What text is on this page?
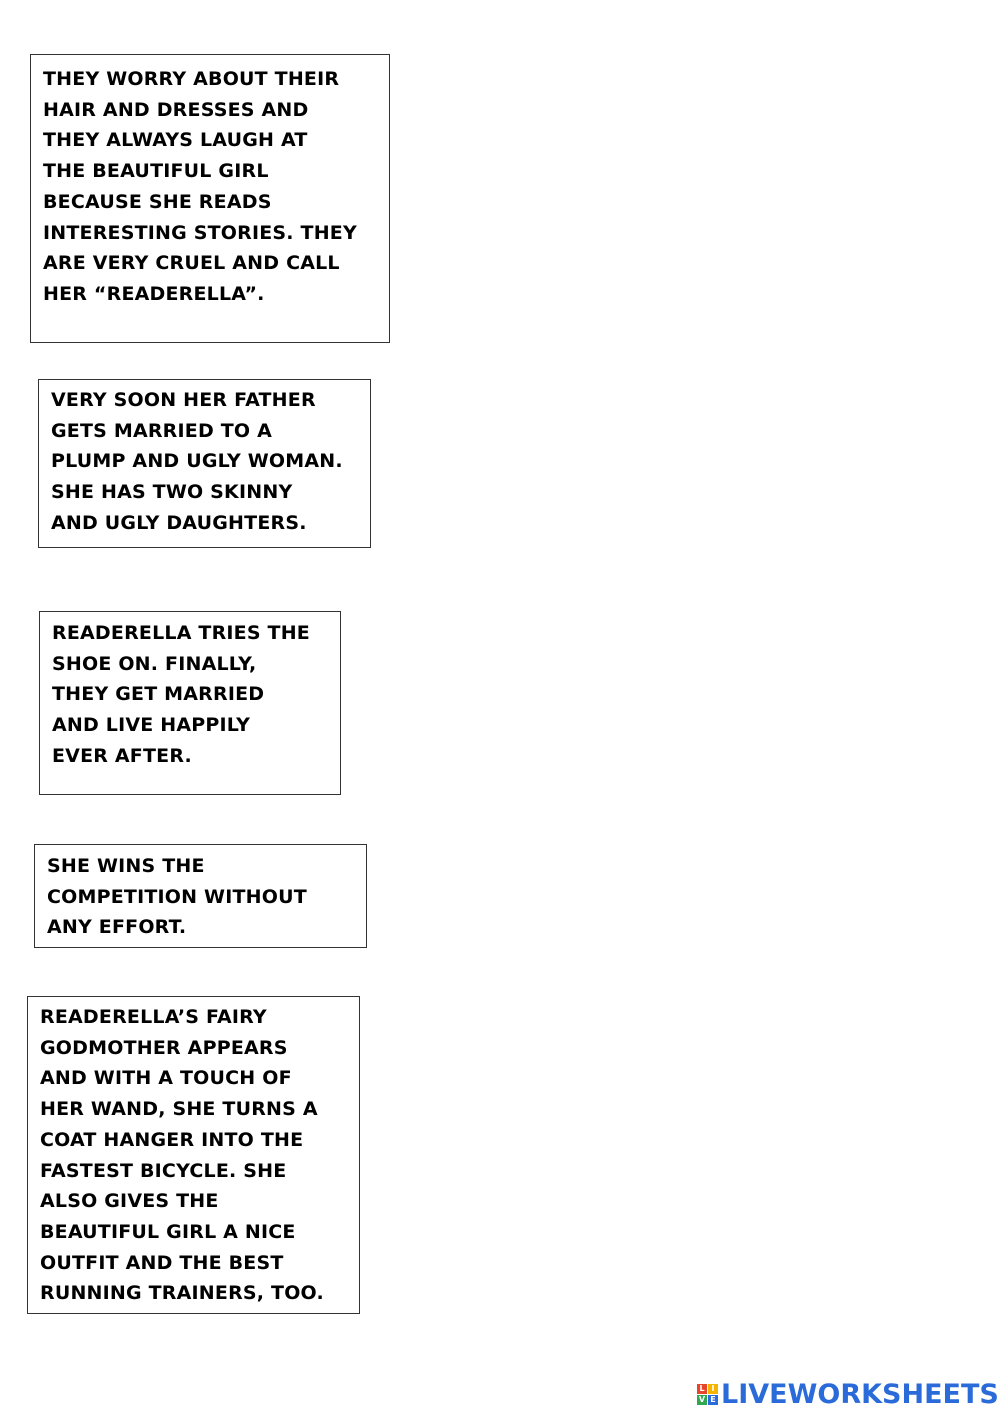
THEY WORRY ABOUT THEIR
HAIR AND DRESSES AND
THEY ALWAYS LAUGH AT
THE BEAUTIFUL GIRL
BECAUSE SHE READS
INTERESTING STORIES. THEY
ARE VERY CRUEL AND CALL
HER “READERELLA”.

VERY SOON HER FATHER
GETS MARRIED TO A
PLUMP AND UGLY WOMAN.
SHE HAS TWO SKINNY
AND UGLY DAUGHTERS.

READERELLA TRIES THE
SHOE ON. FINALLY,
THEY GET MARRIED
AND LIVE HAPPILY
EVER AFTER.

SHE WINS THE
COMPETITION WITHOUT
ANY EFFORT.

READERELLA’S FAIRY
GODMOTHER APPEARS
AND WITH A TOUCH OF
HER WAND, SHE TURNS A
COAT HANGER INTO THE
FASTEST BICYCLE. SHE
ALSO GIVES THE
BEAUTIFUL GIRL A NICE
OUTFIT AND THE BEST
RUNNING TRAINERS, TOO.

L I
V E LIVEWORKSHEETS
